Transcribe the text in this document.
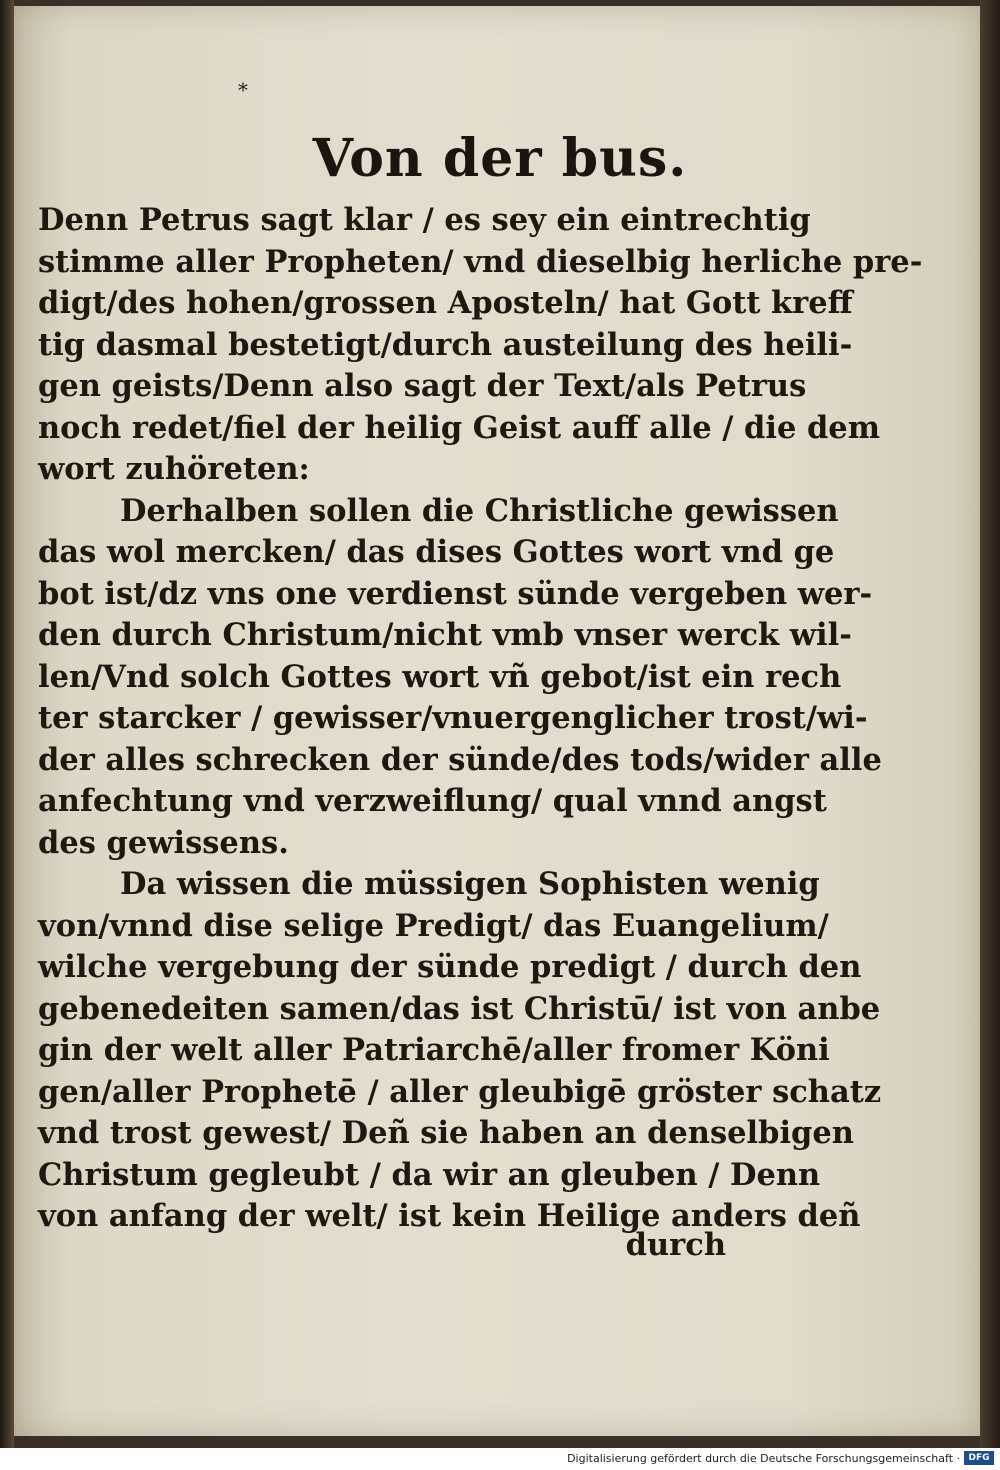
*
Von der bus.
Denn Petrus sagt klar / es sey ein eintrechtig
stimme aller Propheten/ vnd dieselbig herliche pre-
digt/des hohen/grossen Aposteln/ hat Gott kreff
tig dasmal bestetigt/durch austeilung des heili-
gen geists/Denn also sagt der Text/als Petrus
noch redet/fiel der heilig Geist auff alle / die dem
wort zuhöreten:
Derhalben sollen die Christliche gewissen
das wol mercken/ das dises Gottes wort vnd ge
bot ist/dz vns one verdienst sünde vergeben wer-
den durch Christum/nicht vmb vnser werck wil-
len/Vnd solch Gottes wort vñ gebot/ist ein rech
ter starcker / gewisser/vnuergenglicher trost/wi-
der alles schrecken der sünde/des tods/wider alle
anfechtung vnd verzweiflung/ qual vnnd angst
des gewissens.
Da wissen die müssigen Sophisten wenig
von/vnnd dise selige Predigt/ das Euangelium/
wilche vergebung der sünde predigt / durch den
gebenedeiten samen/das ist Christū/ ist von anbe
gin der welt aller Patriarchē/aller fromer Köni
gen/aller Prophetē / aller gleubigē gröster schatz
vnd trost gewest/ Deñ sie haben an denselbigen
Christum gegleubt / da wir an gleuben / Denn
von anfang der welt/ ist kein Heilige anders deñ
durch
Digitalisierung gefördert durch die Deutsche Forschungsgemeinschaft · DFG
